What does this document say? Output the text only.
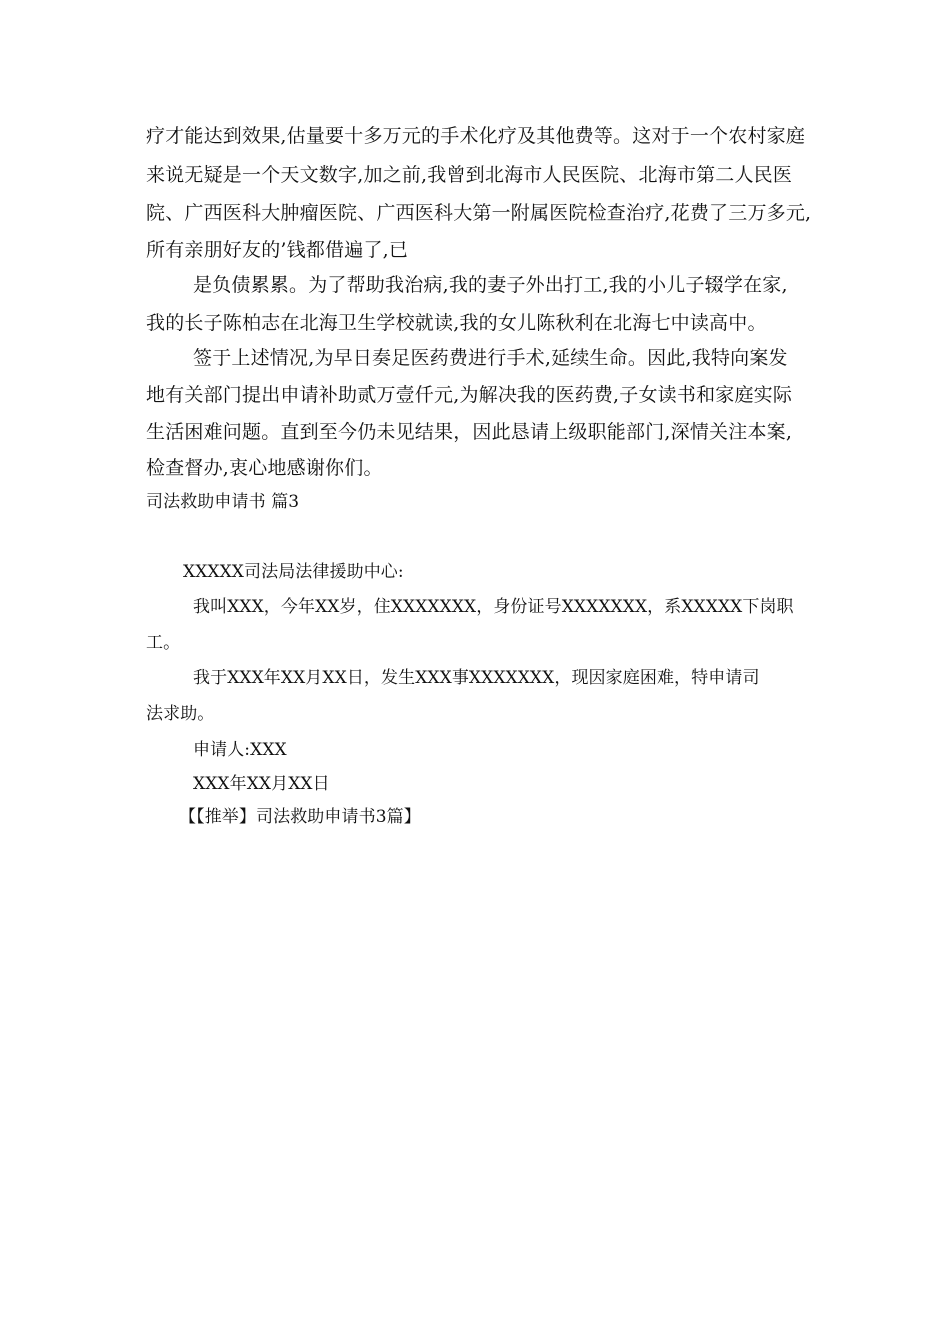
疗才能达到效果,估量要十多万元的手术化疗及其他费等。这对于一个农村家庭
来说无疑是一个天文数字,加之前,我曾到北海市人民医院、北海市第二人民医
院、广西医科大肿瘤医院、广西医科大第一附属医院检查治疗,花费了三万多元,
所有亲朋好友的’钱都借遍了,已
是负债累累。为了帮助我治病,我的妻子外出打工,我的小儿子辍学在家,
我的长子陈柏志在北海卫生学校就读,我的女儿陈秋利在北海七中读高中。
签于上述情况,为早日奏足医药费进行手术,延续生命。因此,我特向案发
地有关部门提出申请补助贰万壹仟元,为解决我的医药费,子女读书和家庭实际
生活困难问题。直到至今仍未见结果，因此恳请上级职能部门,深情关注本案,
检查督办,衷心地感谢你们。
司法救助申请书 篇3
XXXXX司法局法律援助中心:
我叫XXX，今年XX岁，住XXXXXXX，身份证号XXXXXXX，系XXXXX下岗职
工。
我于XXX年XX月XX日，发生XXX事XXXXXXX，现因家庭困难，特申请司
法求助。
申请人:XXX
XXX年XX月XX日
【【推举】司法救助申请书3篇】
